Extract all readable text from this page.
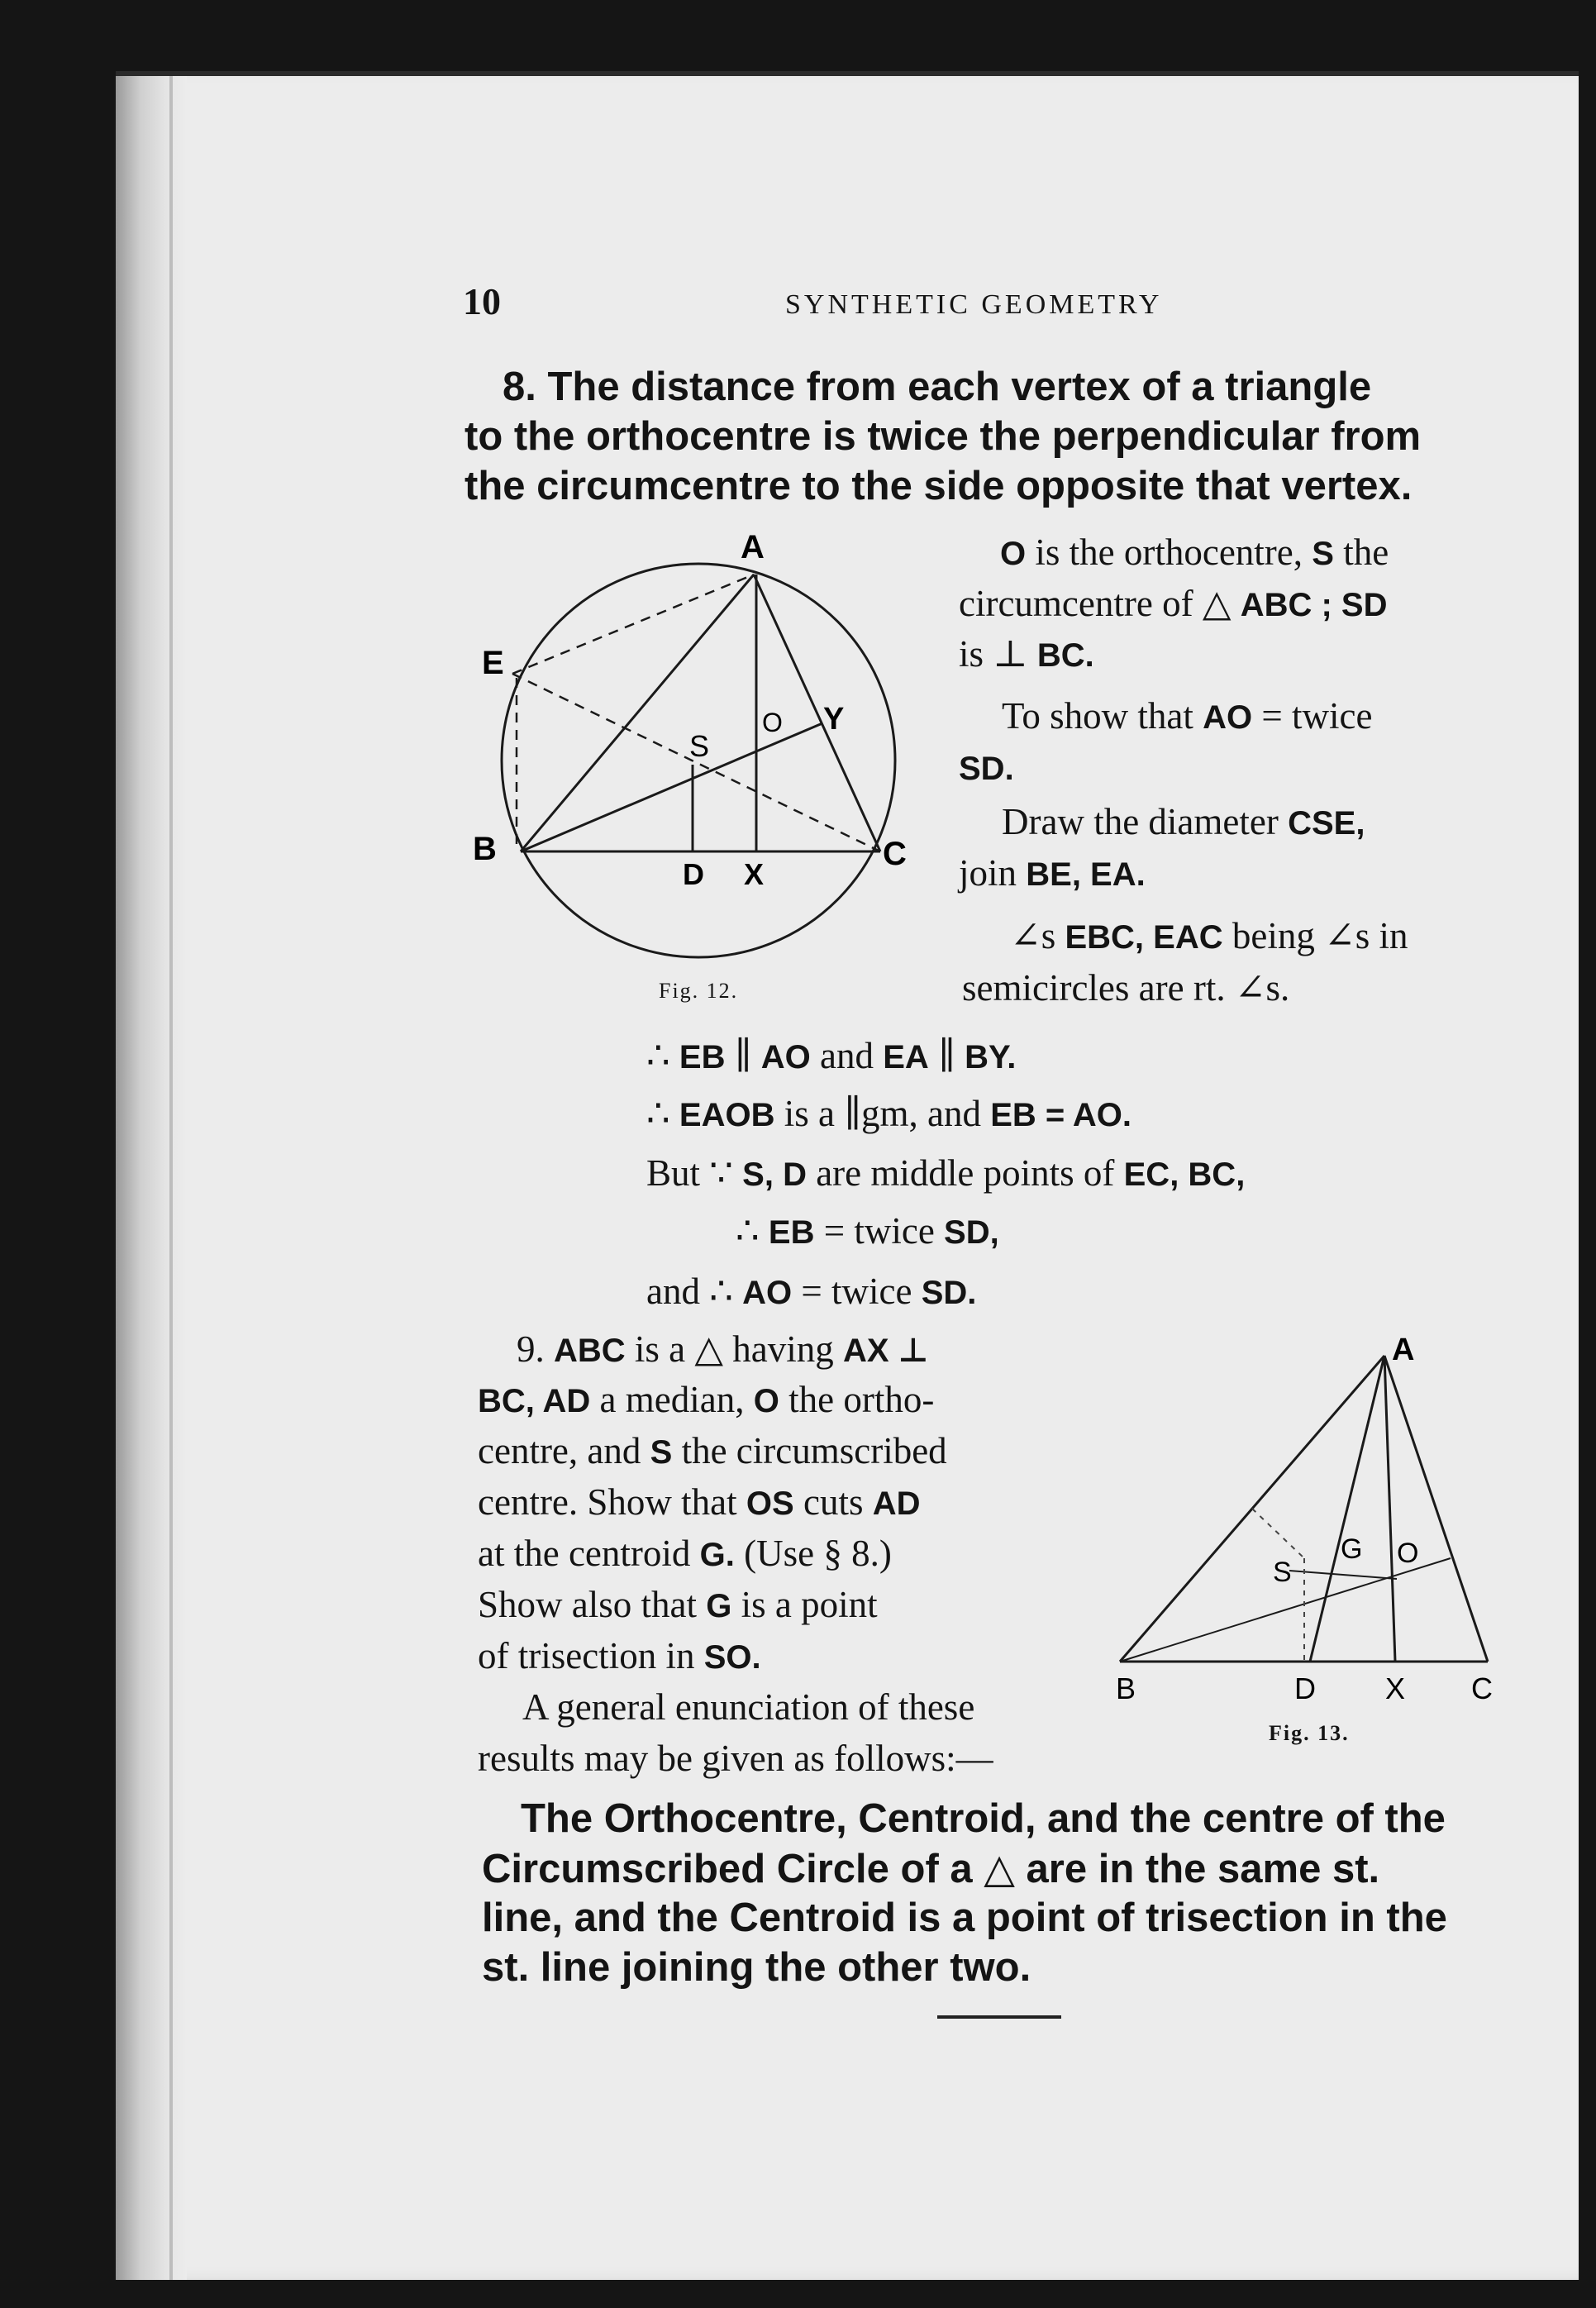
10	SYNTHETIC GEOMETRY
8. The distance from each vertex of a triangle
to the orthocentre is twice the perpendicular from
the circumcentre to the side opposite that vertex.
A
B	C
D X
E
S
O Y
Fig. 12.
O is the orthocentre, S the
circumcentre of △ ABC ; SD
is ⊥ BC.
To show that AO = twice
SD.
Draw the diameter CSE,
join BE, EA.
∠s EBC, EAC being ∠s in
semicircles are rt. ∠s.
∴ EB ∥ AO and EA ∥ BY.
∴ EAOB is a ∥gm, and EB = AO.
But ∵ S, D are middle points of EC, BC,
∴ EB = twice SD,
and ∴ AO = twice SD.
9. ABC is a △ having AX ⊥
BC, AD a median, O the ortho-
centre, and S the circumscribed
centre. Show that OS cuts AD
at the centroid G. (Use § 8.)
Show also that G is a point
of trisection in SO.
A general enunciation of these
results may be given as follows:—
A
B	C
D X
S
G O
Fig. 13.
The Orthocentre, Centroid, and the centre of the
Circumscribed Circle of a △ are in the same st.
line, and the Centroid is a point of trisection in the
st. line joining the other two.
